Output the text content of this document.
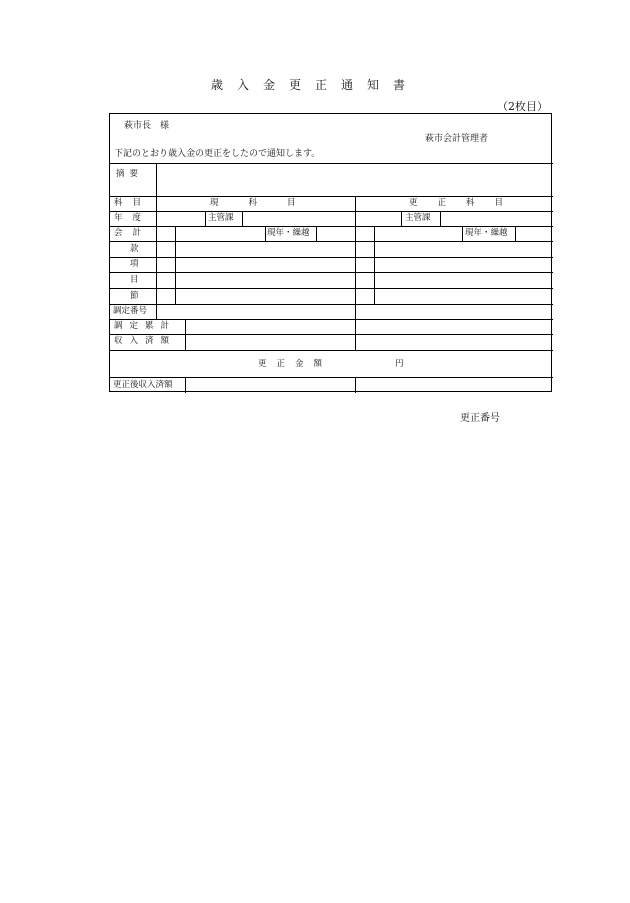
歳入金更正通知書
（2枚目）
萩市長　様
萩市会計管理者
下記のとおり歳入金の更正をしたので通知します。
摘要
科目	現科目	更正科目
年度	主管課	主管課
会計	現年・繰越	現年・繰越
款
項
目
節
調定番号
調定累計
収入済額
更正金額	円
更正後収入済額
更正番号
